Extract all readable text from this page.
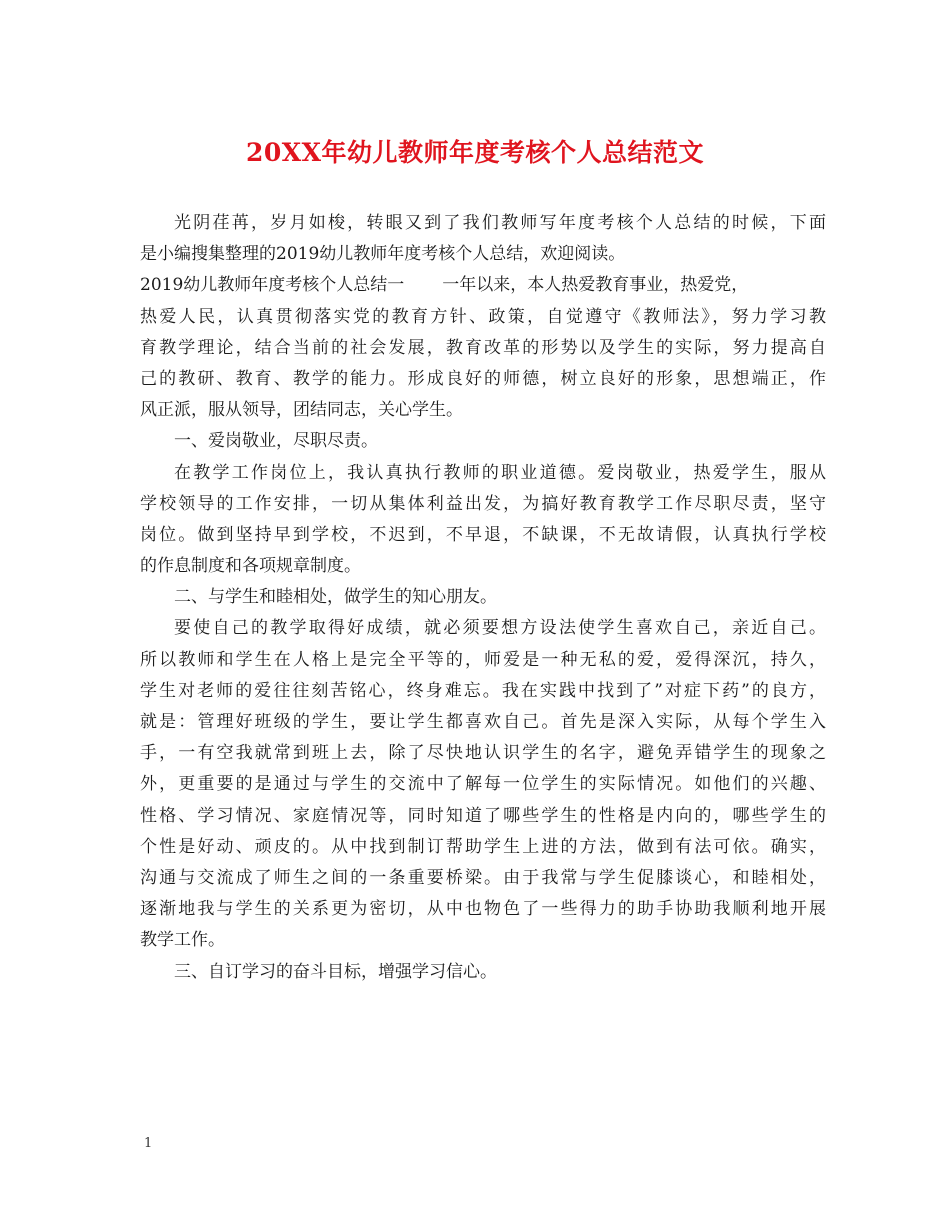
20XX年幼儿教师年度考核个人总结范文
光阴荏苒，岁月如梭，转眼又到了我们教师写年度考核个人总结的时候，下面
是小编搜集整理的2019幼儿教师年度考核个人总结，欢迎阅读。
2019幼儿教师年度考核个人总结一 一年以来，本人热爱教育事业，热爱党，
热爱人民，认真贯彻落实党的教育方针、政策，自觉遵守《教师法》，努力学习教
育教学理论，结合当前的社会发展，教育改革的形势以及学生的实际，努力提高自
己的教研、教育、教学的能力。形成良好的师德，树立良好的形象，思想端正，作
风正派，服从领导，团结同志，关心学生。
一、爱岗敬业，尽职尽责。
在教学工作岗位上，我认真执行教师的职业道德。爱岗敬业，热爱学生，服从
学校领导的工作安排，一切从集体利益出发，为搞好教育教学工作尽职尽责，坚守
岗位。做到坚持早到学校，不迟到，不早退，不缺课，不无故请假，认真执行学校
的作息制度和各项规章制度。
二、与学生和睦相处，做学生的知心朋友。
要使自己的教学取得好成绩，就必须要想方设法使学生喜欢自己，亲近自己。
所以教师和学生在人格上是完全平等的，师爱是一种无私的爱，爱得深沉，持久，
学生对老师的爱往往刻苦铭心，终身难忘。我在实践中找到了”对症下药”的良方，
就是：管理好班级的学生，要让学生都喜欢自己。首先是深入实际，从每个学生入
手，一有空我就常到班上去，除了尽快地认识学生的名字，避免弄错学生的现象之
外，更重要的是通过与学生的交流中了解每一位学生的实际情况。如他们的兴趣、
性格、学习情况、家庭情况等，同时知道了哪些学生的性格是内向的，哪些学生的
个性是好动、顽皮的。从中找到制订帮助学生上进的方法，做到有法可依。确实，
沟通与交流成了师生之间的一条重要桥梁。由于我常与学生促膝谈心，和睦相处，
逐渐地我与学生的关系更为密切，从中也物色了一些得力的助手协助我顺利地开展
教学工作。
三、自订学习的奋斗目标，增强学习信心。
1
